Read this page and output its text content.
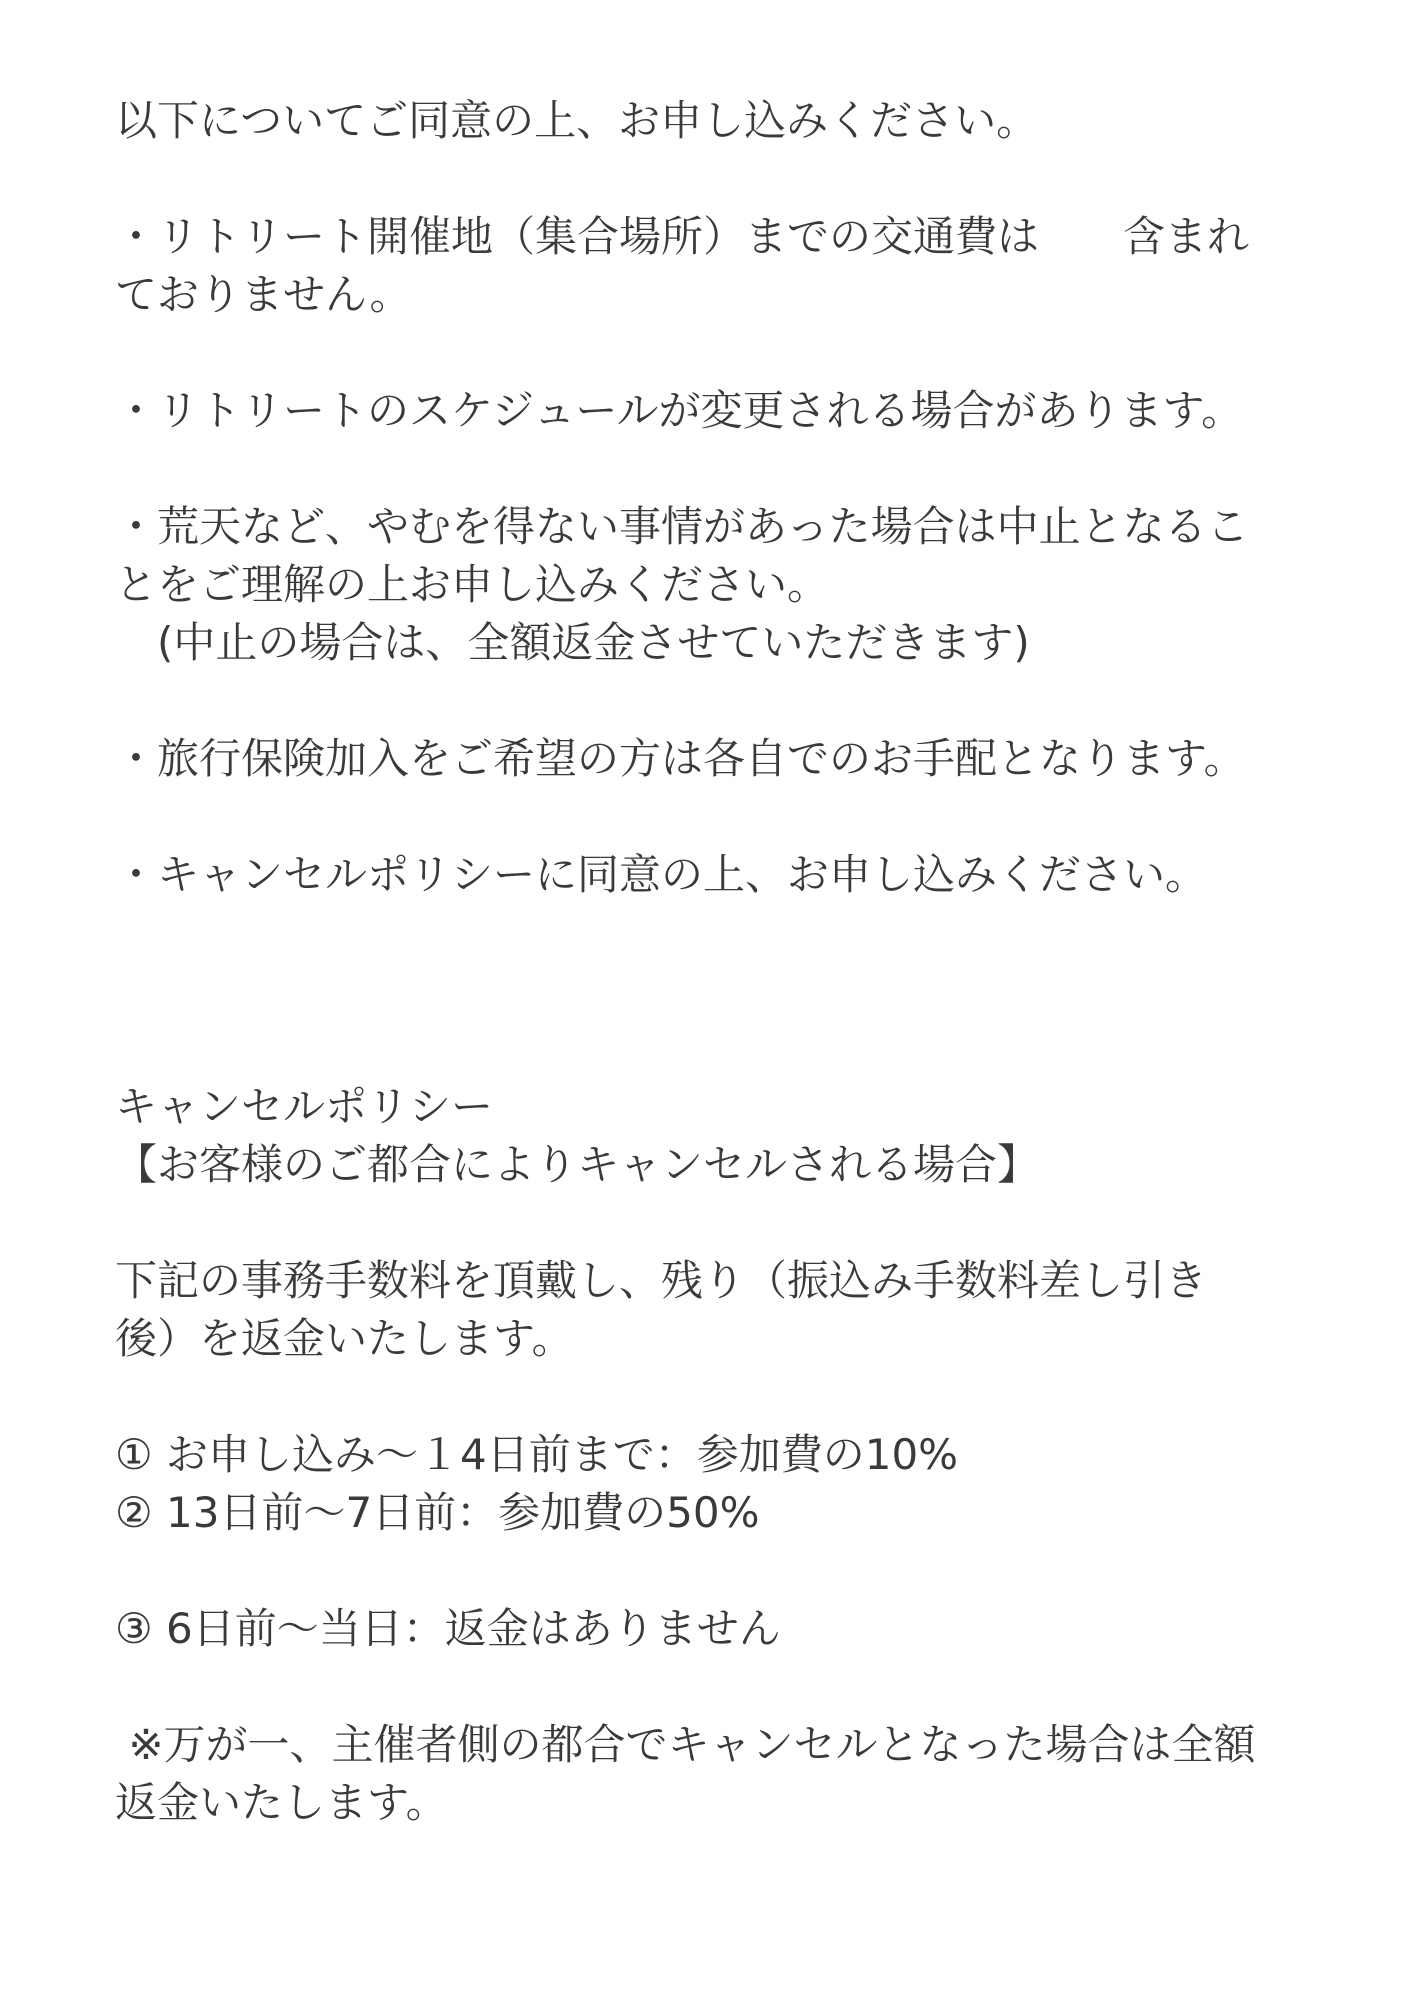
以下についてご同意の上、お申し込みください。
・リトリート開催地（集合場所）までの交通費は　　含まれ
ておりません。
・リトリートのスケジュールが変更される場合があります。
・荒天など、やむを得ない事情があった場合は中止となるこ
とをご理解の上お申し込みください。
　(中止の場合は、全額返金させていただきます)
・旅行保険加入をご希望の方は各自でのお手配となります。
・キャンセルポリシーに同意の上、お申し込みください。
キャンセルポリシー
【お客様のご都合によりキャンセルされる場合】
下記の事務手数料を頂戴し、残り（振込み手数料差し引き
後）を返金いたします。
① お申し込み～１4日前まで：参加費の10%
② 13日前～7日前：参加費の50%
③ 6日前～当日：返金はありません
※万が一、主催者側の都合でキャンセルとなった場合は全額
返金いたします。
